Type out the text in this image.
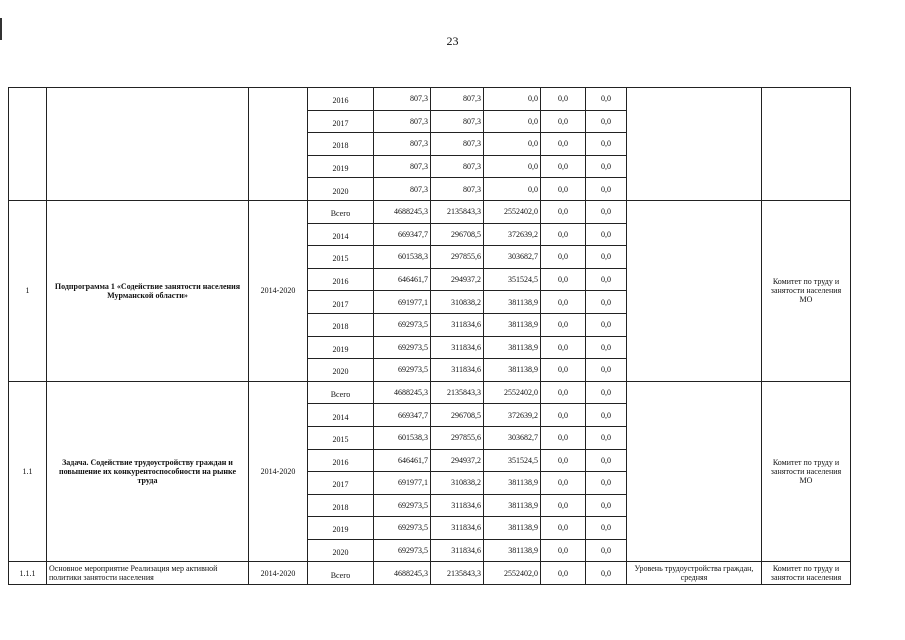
23
			2016	807,3	807,3	0,0	0,0	0,0		
			2017	807,3	807,3	0,0	0,0	0,0		
			2018	807,3	807,3	0,0	0,0	0,0		
			2019	807,3	807,3	0,0	0,0	0,0		
			2020	807,3	807,3	0,0	0,0	0,0		
1	Подпрограмма 1 «Содействие занятости населения Мурманской области»	2014-2020	Всего	4688245,3	2135843,3	2552402,0	0,0	0,0		Комитет по труду и занятости населения МО
			2014	669347,7	296708,5	372639,2	0,0	0,0		
			2015	601538,3	297855,6	303682,7	0,0	0,0		
			2016	646461,7	294937,2	351524,5	0,0	0,0		
			2017	691977,1	310838,2	381138,9	0,0	0,0		
			2018	692973,5	311834,6	381138,9	0,0	0,0		
			2019	692973,5	311834,6	381138,9	0,0	0,0		
			2020	692973,5	311834,6	381138,9	0,0	0,0		
1.1	Задача. Содействие трудоустройству граждан и повышение их конкурентоспособности на рынке труда	2014-2020	Всего	4688245,3	2135843,3	2552402,0	0,0	0,0		Комитет по труду и занятости населения МО
			2014	669347,7	296708,5	372639,2	0,0	0,0		
			2015	601538,3	297855,6	303682,7	0,0	0,0		
			2016	646461,7	294937,2	351524,5	0,0	0,0		
			2017	691977,1	310838,2	381138,9	0,0	0,0		
			2018	692973,5	311834,6	381138,9	0,0	0,0		
			2019	692973,5	311834,6	381138,9	0,0	0,0		
			2020	692973,5	311834,6	381138,9	0,0	0,0		
1.1.1	Основное мероприятие Реализация мер активной политики занятости населения	2014-2020	Всего	4688245,3	2135843,3	2552402,0	0,0	0,0	Уровень трудоустройства граждан, средняя	Комитет по труду и занятости населения
